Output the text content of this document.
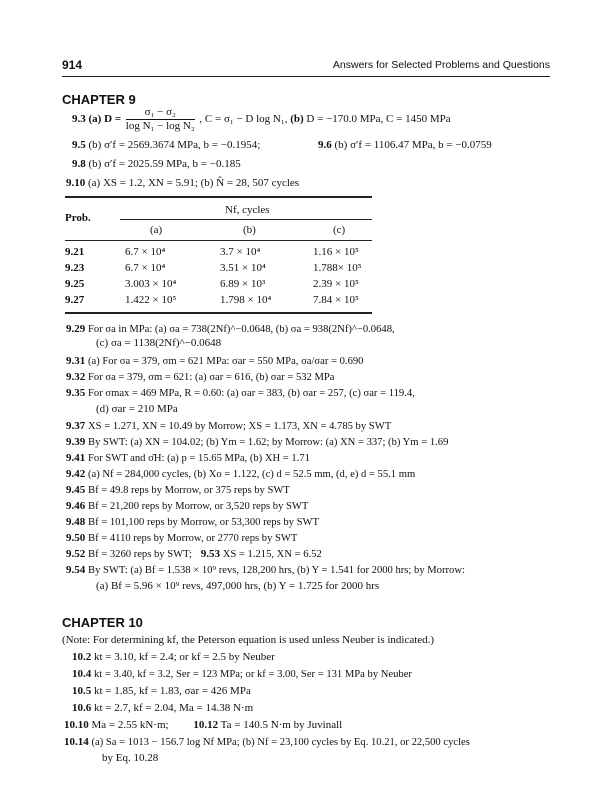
914	Answers for Selected Problems and Questions
CHAPTER 9
9.3 (a) $D = \frac{\text{σ₁ − σ₂}}{\text{log N₁ − log N₂}}$ , C = σ₁ − D log N₁, (b) D = −170.0 MPa, C = 1450 MPa
9.5 (b) σ′f = 2569.3674 MPa, b = −0.1954;	9.6 (b) σ′f = 1106.47 MPa, b = −0.0759
9.8 (b) σ′f = 2025.59 MPa, b = −0.185
9.10 (a) XS = 1.2, XN = 5.91; (b) N̂ = 28, 507 cycles
Prob.
Nf, cycles
(a)	(b)	(c)
9.21	6.7 × 10⁴	3.7 × 10⁴	1.16 × 10⁵
9.23	6.7 × 10⁴	3.51 × 10⁴	1.788× 10⁵
9.25	3.003 × 10⁴	6.89 × 10³	2.39 × 10⁵
9.27	1.422 × 10⁵	1.798 × 10⁴	7.84 × 10⁵
9.29 For σa in MPa: (a) σa = 738(2Nf)^−0.0648, (b) σa = 938(2Nf)^−0.0648,
(c) σa = 1138(2Nf)^−0.0648
9.31 (a) For σa = 379, σm = 621 MPa: σar = 550 MPa, σa/σar = 0.690
9.32 For σa = 379, σm = 621: (a) σar = 616, (b) σar = 532 MPa
9.35 For σmax = 469 MPa, R = 0.60: (a) σar = 383, (b) σar = 257, (c) σar = 119.4,
(d) σar = 210 MPa
9.37 XS = 1.271, XN = 10.49 by Morrow; XS = 1.173, XN = 4.785 by SWT
9.39 By SWT: (a) XN = 104.02; (b) Ym = 1.62; by Morrow: (a) XN = 337; (b) Ym = 1.69
9.41 For SWT and σ̄H: (a) p = 15.65 MPa, (b) XH = 1.71
9.42 (a) Nf = 284,000 cycles, (b) Xo = 1.122, (c) d = 52.5 mm, (d, e) d = 55.1 mm
9.45 Bf = 49.8 reps by Morrow, or 375 reps by SWT
9.46 Bf = 21,200 reps by Morrow, or 3,520 reps by SWT
9.48 Bf = 101,100 reps by Morrow, or 53,300 reps by SWT
9.50 Bf = 4110 reps by Morrow, or 2770 reps by SWT
9.52 Bf = 3260 reps by SWT; 9.53 XS = 1.215, XN = 6.52
9.54 By SWT: (a) Bf = 1.538 × 10⁹ revs, 128,200 hrs, (b) Y = 1.541 for 2000 hrs; by Morrow:
(a) Bf = 5.96 × 10⁹ revs, 497,000 hrs, (b) Y = 1.725 for 2000 hrs
CHAPTER 10
(Note: For determining kf, the Peterson equation is used unless Neuber is indicated.)
10.2 kt = 3.10, kf = 2.4; or kf = 2.5 by Neuber
10.4 kt = 3.40, kf = 3.2, Ser = 123 MPa; or kf = 3.00, Ser = 131 MPa by Neuber
10.5 kt = 1.85, kf = 1.83, σar = 426 MPa
10.6 kt = 2.7, kf = 2.04, Ma = 14.38 N·m
10.10 Ma = 2.55 kN·m; 10.12 Ta = 140.5 N·m by Juvinall
10.14 (a) Sa = 1013 − 156.7 log Nf MPa; (b) Nf = 23,100 cycles by Eq. 10.21, or 22,500 cycles
by Eq. 10.28
